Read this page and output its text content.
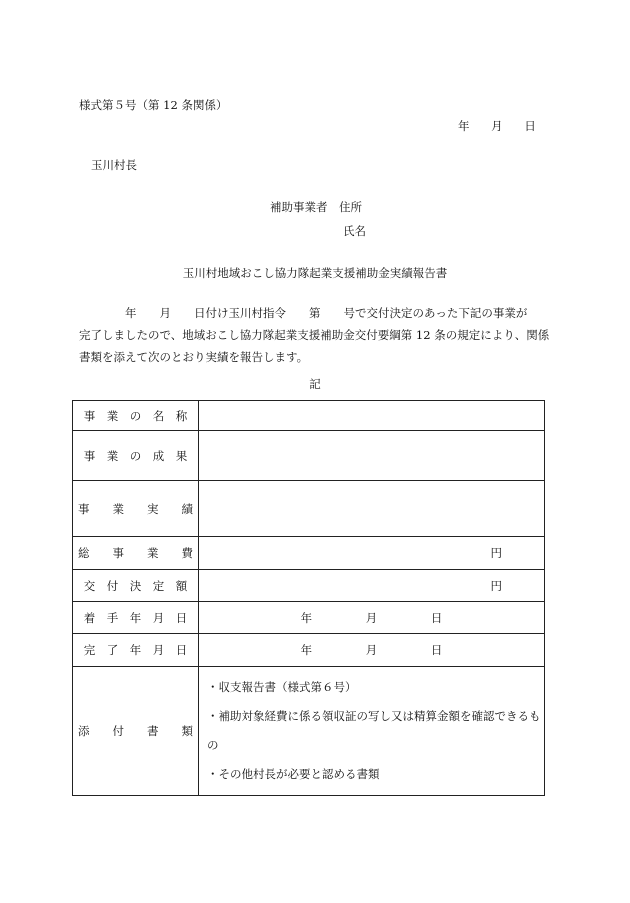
様式第５号（第 12 条関係）
年 月 日
玉川村長
補助事業者　住所
氏名
玉川村地域おこし協力隊起業支援補助金実績報告書
　　　　年　　月　　日付け玉川村指令　　第　　号で交付決定のあった下記の事業が
完了しましたので、地域おこし協力隊起業支援補助金交付要綱第 12 条の規定により、関係
書類を添えて次のとおり実績を報告します。
記
事　業　の　名　称	
事　業　の　成　果	
事　　業　　実　　績	
総　　事　　業　　費	円

交　付　決　定　額	円

着　手　年　月　日	年 月 日
完　了　年　月　日	年 月 日
添　　付　　書　　類	・収支報告書（様式第６号）
・補助対象経費に係る領収証の写し又は精算金額を確認できるもの
・その他村長が必要と認める書類
